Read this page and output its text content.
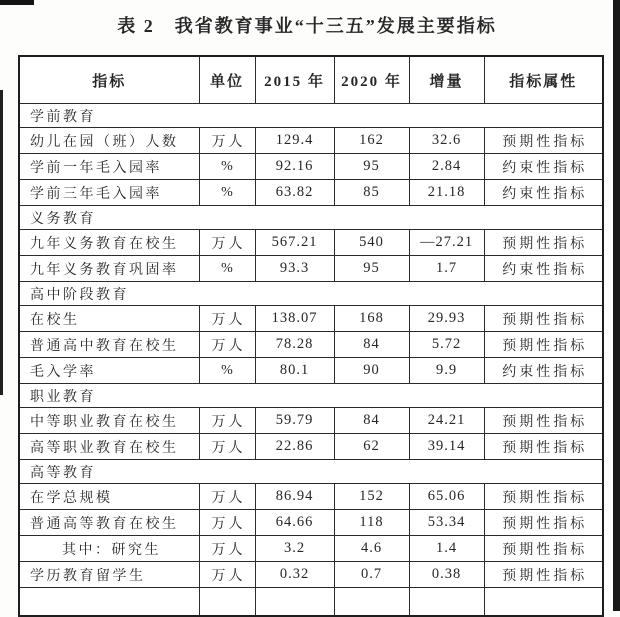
表 2　我省教育事业“十三五”发展主要指标
指标	单位	2015 年	2020 年	增量	指标属性
学前教育					
幼儿在园（班）人数	万人	129.4	162	32.6	预期性指标
学前一年毛入园率	%	92.16	95	2.84	约束性指标
学前三年毛入园率	%	63.82	85	21.18	约束性指标
义务教育					
九年义务教育在校生	万人	567.21	540	—27.21	预期性指标
九年义务教育巩固率	%	93.3	95	1.7	约束性指标
高中阶段教育					
在校生	万人	138.07	168	29.93	预期性指标
普通高中教育在校生	万人	78.28	84	5.72	预期性指标
毛入学率	%	80.1	90	9.9	约束性指标
职业教育					
中等职业教育在校生	万人	59.79	84	24.21	预期性指标
高等职业教育在校生	万人	22.86	62	39.14	预期性指标
高等教育					
在学总规模	万人	86.94	152	65.06	预期性指标
普通高等教育在校生	万人	64.66	118	53.34	预期性指标
其中：研究生	万人	3.2	4.6	1.4	预期性指标
学历教育留学生	万人	0.32	0.7	0.38	预期性指标
